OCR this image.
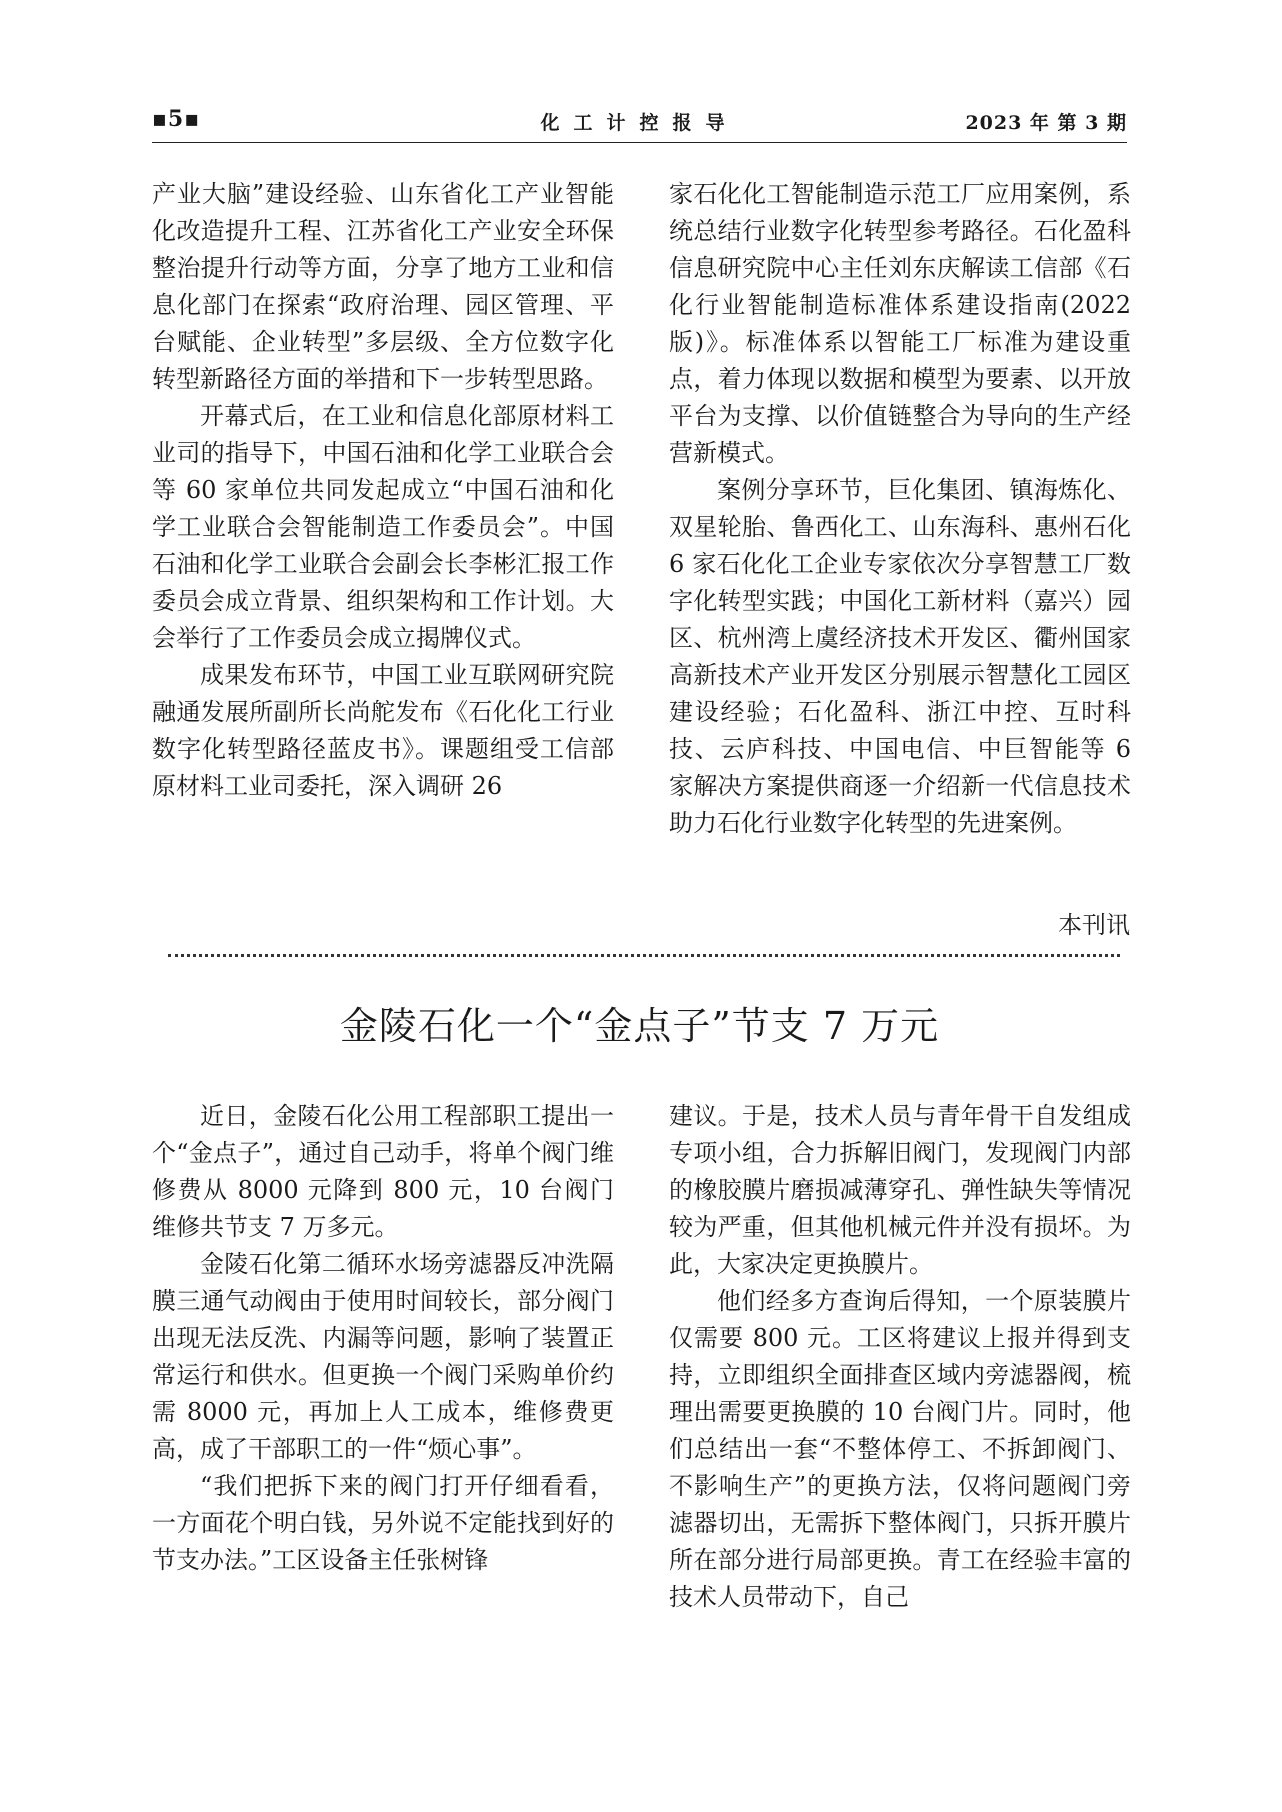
▪5▪	化工计控报导	2023 年 第 3 期

产业大脑”建设经验、山东省化工产业智能化改造提升工程、江苏省化工产业安全环保整治提升行动等方面，分享了地方工业和信息化部门在探索“政府治理、园区管理、平台赋能、企业转型”多层级、全方位数字化转型新路径方面的举措和下一步转型思路。

开幕式后，在工业和信息化部原材料工业司的指导下，中国石油和化学工业联合会等 60 家单位共同发起成立“中国石油和化学工业联合会智能制造工作委员会”。中国石油和化学工业联合会副会长李彬汇报工作委员会成立背景、组织架构和工作计划。大会举行了工作委员会成立揭牌仪式。

成果发布环节，中国工业互联网研究院融通发展所副所长尚舵发布《石化化工行业数字化转型路径蓝皮书》。课题组受工信部原材料工业司委托，深入调研 26

家石化化工智能制造示范工厂应用案例，系统总结行业数字化转型参考路径。石化盈科信息研究院中心主任刘东庆解读工信部《石化行业智能制造标准体系建设指南(2022 版)》。标准体系以智能工厂标准为建设重点，着力体现以数据和模型为要素、以开放平台为支撑、以价值链整合为导向的生产经营新模式。

案例分享环节，巨化集团、镇海炼化、双星轮胎、鲁西化工、山东海科、惠州石化 6 家石化化工企业专家依次分享智慧工厂数字化转型实践；中国化工新材料（嘉兴）园区、杭州湾上虞经济技术开发区、衢州国家高新技术产业开发区分别展示智慧化工园区建设经验；石化盈科、浙江中控、互时科技、云庐科技、中国电信、中巨智能等 6 家解决方案提供商逐一介绍新一代信息技术助力石化行业数字化转型的先进案例。

本刊讯
金陵石化一个“金点子”节支 7 万元

近日，金陵石化公用工程部职工提出一个“金点子”，通过自己动手，将单个阀门维修费从 8000 元降到 800 元，10 台阀门维修共节支 7 万多元。

金陵石化第二循环水场旁滤器反冲洗隔膜三通气动阀由于使用时间较长，部分阀门出现无法反洗、内漏等问题，影响了装置正常运行和供水。但更换一个阀门采购单价约需 8000 元，再加上人工成本，维修费更高，成了干部职工的一件“烦心事”。

“我们把拆下来的阀门打开仔细看看，一方面花个明白钱，另外说不定能找到好的节支办法。”工区设备主任张树锋

建议。于是，技术人员与青年骨干自发组成专项小组，合力拆解旧阀门，发现阀门内部的橡胶膜片磨损减薄穿孔、弹性缺失等情况较为严重，但其他机械元件并没有损坏。为此，大家决定更换膜片。

他们经多方查询后得知，一个原装膜片仅需要 800 元。工区将建议上报并得到支持，立即组织全面排查区域内旁滤器阀，梳理出需要更换膜的 10 台阀门片。同时，他们总结出一套“不整体停工、不拆卸阀门、不影响生产”的更换方法，仅将问题阀门旁滤器切出，无需拆下整体阀门，只拆开膜片所在部分进行局部更换。青工在经验丰富的技术人员带动下，自己
